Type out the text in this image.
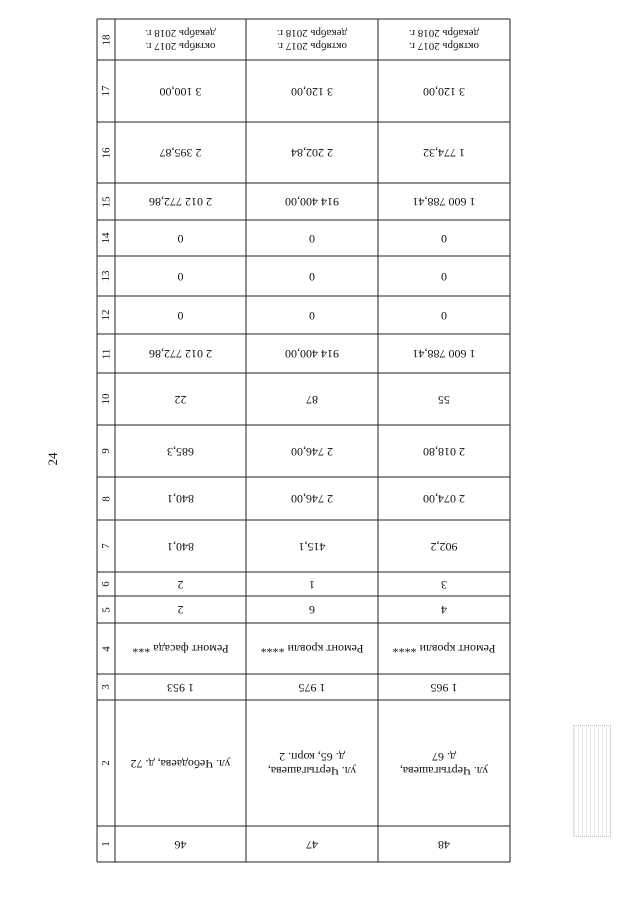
24
18
17
16
15
14
13
12
11
10
9
8
7
6
5
4
3
2
1
октябрь 2017 г.
декабрь 2018 г.
3 100,00
2 395,87
2 012 772,86
0
0
0
2 012 772,86
22
685,3
840,1
840,1
2
2
Ремонт фасада ***
1 953
ул. Чебодаева, д. 72
46
октябрь 2017 г.
декабрь 2018 г.
3 120,00
2 202,84
914 400,00
0
0
0
914 400,00
87
2 746,00
2 746,00
415,1
1
6
Ремонт кровли ****
1 975
ул. Чертыгашева,
д. 65, корп. 2
47
октябрь 2017 г.
декабрь 2018 г.
3 120,00
1 774,32
1 600 788,41
0
0
0
1 600 788,41
55
2 018,80
2 074,00
902,2
3
4
Ремонт кровли ****
1 965
ул. Чертыгашева,
д. 67
48
